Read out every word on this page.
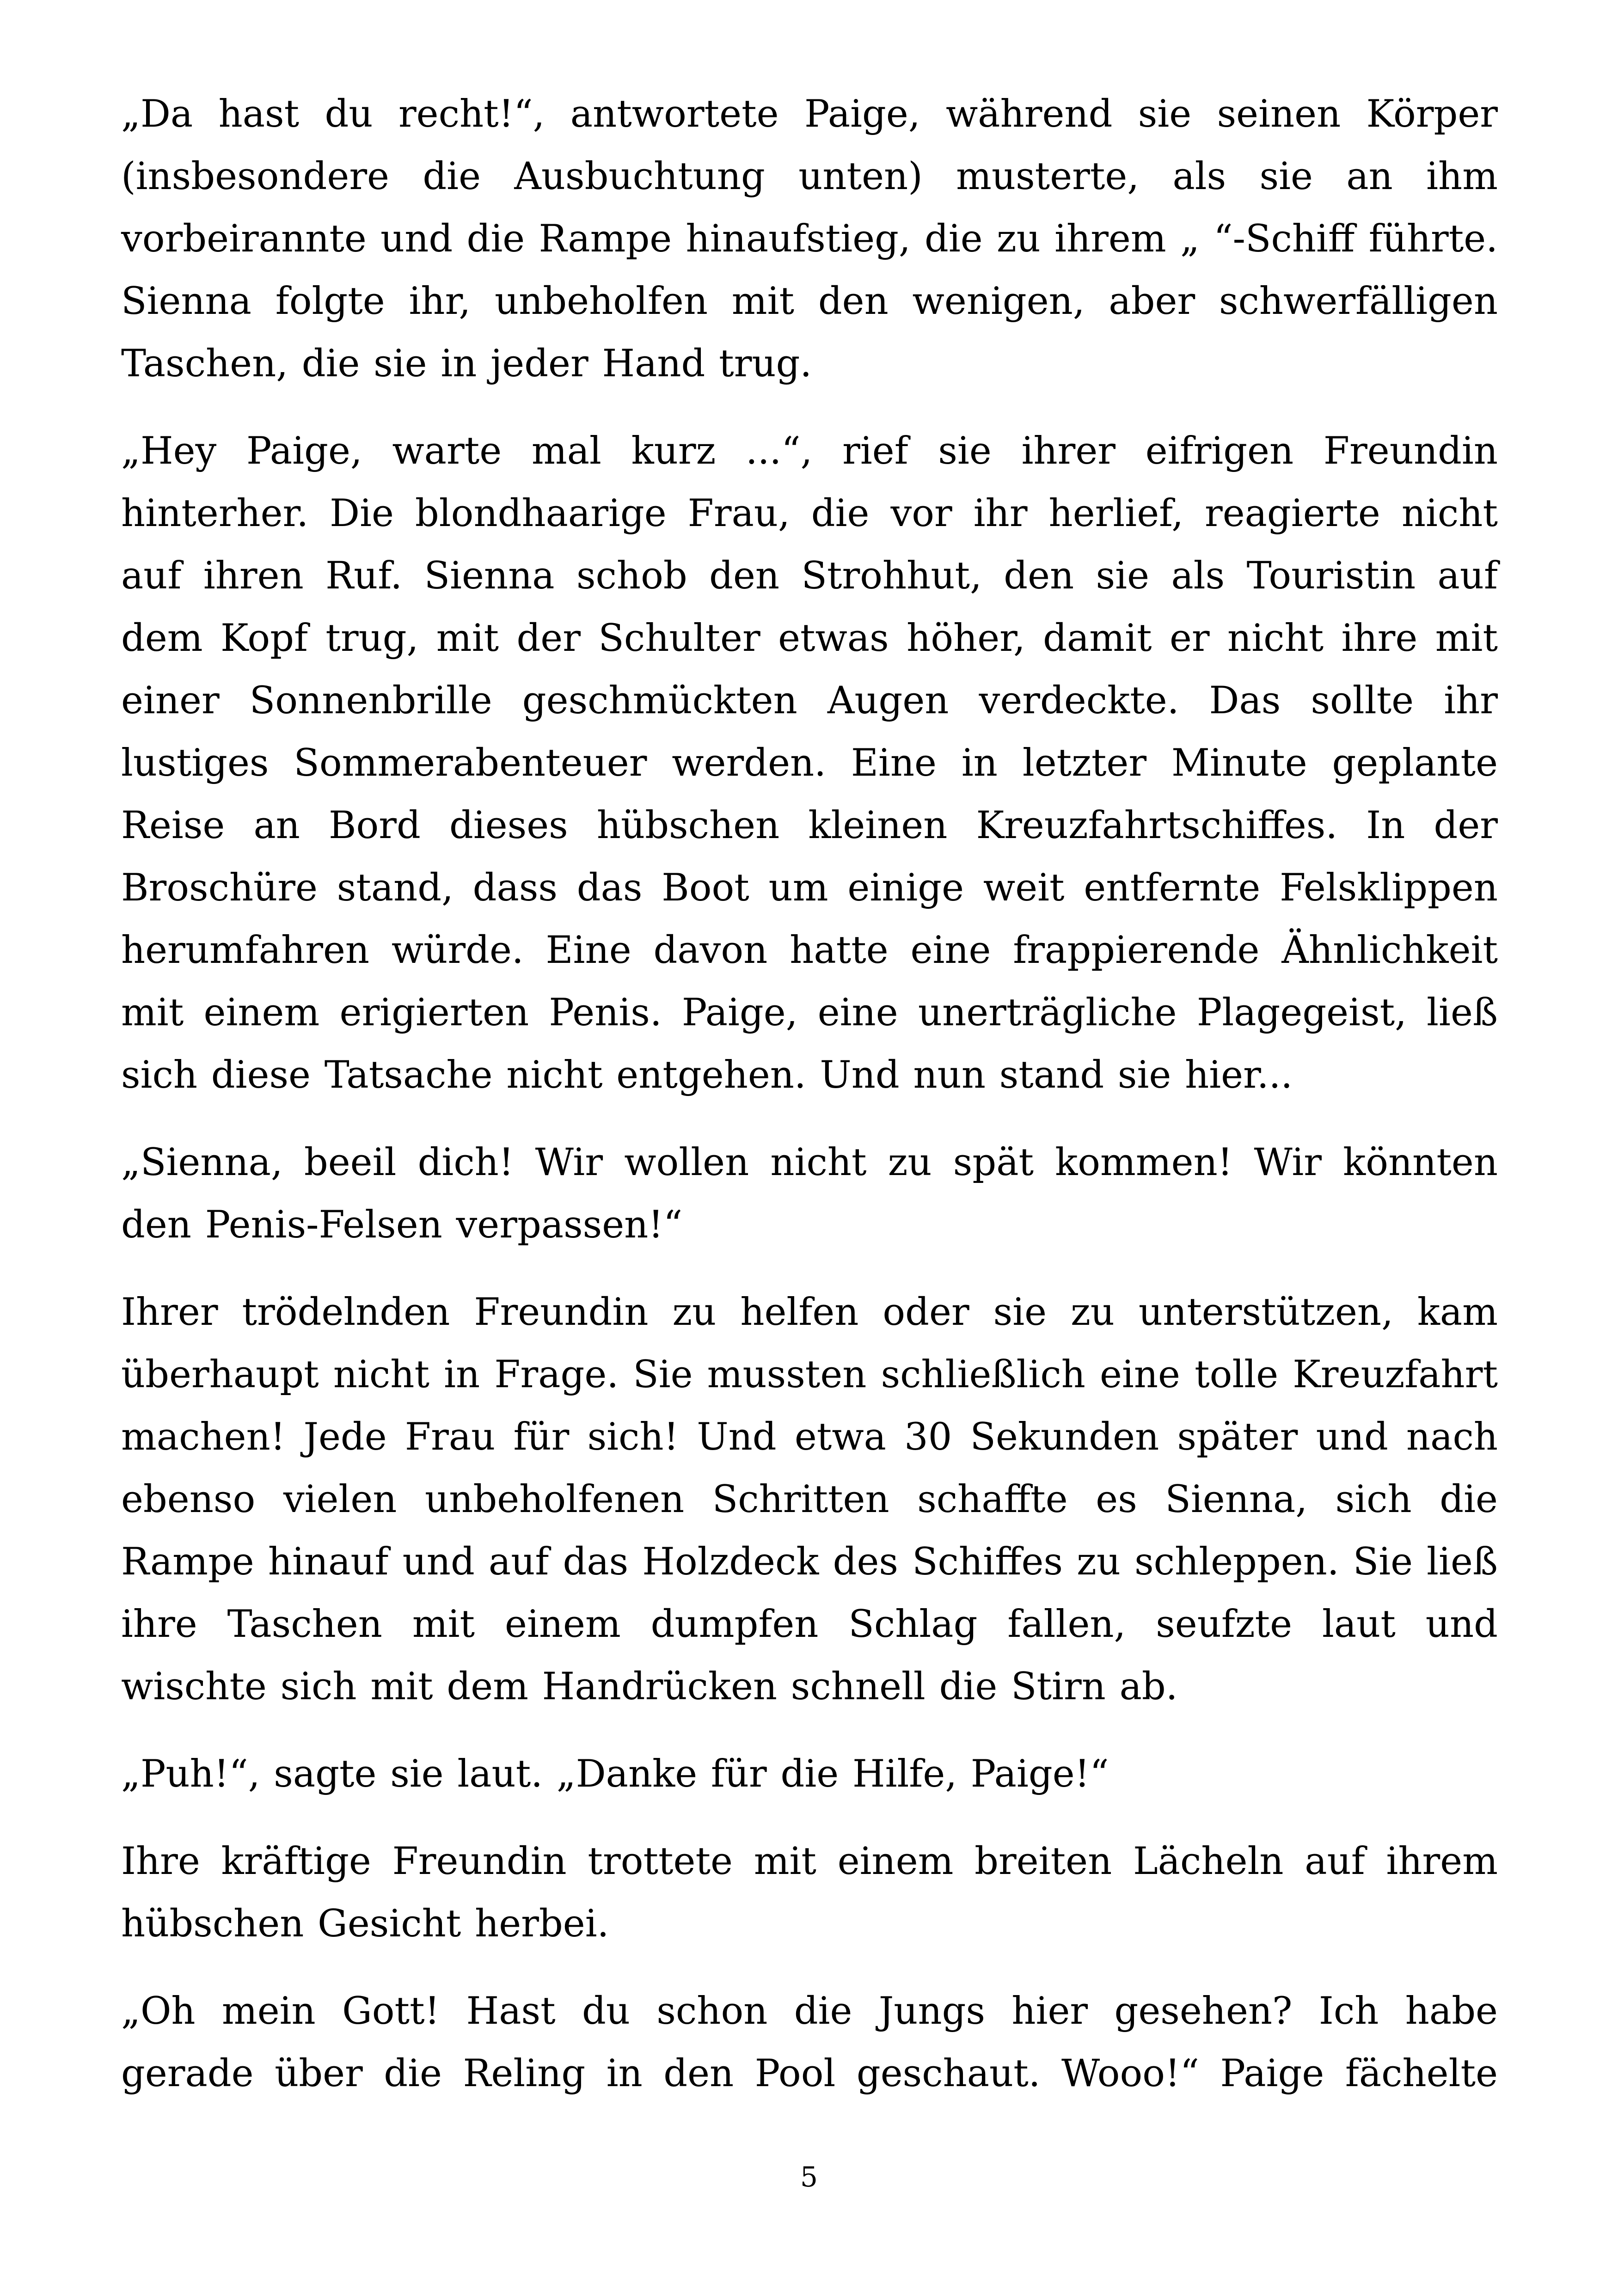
„Da hast du recht!“, antwortete Paige, während sie seinen Körper (insbesondere die Ausbuchtung unten) musterte, als sie an ihm vorbeirannte und die Rampe hinaufstieg, die zu ihrem „ “-Schiff führte. Sienna folgte ihr, unbeholfen mit den wenigen, aber schwerfälligen Taschen, die sie in jeder Hand trug.

„Hey Paige, warte mal kurz ...“, rief sie ihrer eifrigen Freundin hinterher. Die blondhaarige Frau, die vor ihr herlief, reagierte nicht auf ihren Ruf. Sienna schob den Strohhut, den sie als Touristin auf dem Kopf trug, mit der Schulter etwas höher, damit er nicht ihre mit einer Sonnenbrille geschmückten Augen verdeckte. Das sollte ihr lustiges Sommerabenteuer werden. Eine in letzter Minute geplante Reise an Bord dieses hübschen kleinen Kreuzfahrtschiffes. In der Broschüre stand, dass das Boot um einige weit entfernte Felsklippen herumfahren würde. Eine davon hatte eine frappierende Ähnlichkeit mit einem erigierten Penis. Paige, eine unerträgliche Plagegeist, ließ sich diese Tatsache nicht entgehen. Und nun stand sie hier...

„Sienna, beeil dich! Wir wollen nicht zu spät kommen! Wir könnten den Penis-Felsen verpassen!“

Ihrer trödelnden Freundin zu helfen oder sie zu unterstützen, kam überhaupt nicht in Frage. Sie mussten schließlich eine tolle Kreuzfahrt machen! Jede Frau für sich! Und etwa 30 Sekunden später und nach ebenso vielen unbeholfenen Schritten schaffte es Sienna, sich die Rampe hinauf und auf das Holzdeck des Schiffes zu schleppen. Sie ließ ihre Taschen mit einem dumpfen Schlag fallen, seufzte laut und wischte sich mit dem Handrücken schnell die Stirn ab.

„Puh!“, sagte sie laut. „Danke für die Hilfe, Paige!“

Ihre kräftige Freundin trottete mit einem breiten Lächeln auf ihrem hübschen Gesicht herbei.

„Oh mein Gott! Hast du schon die Jungs hier gesehen? Ich habe gerade über die Reling in den Pool geschaut. Wooo!“ Paige fächelte

5
